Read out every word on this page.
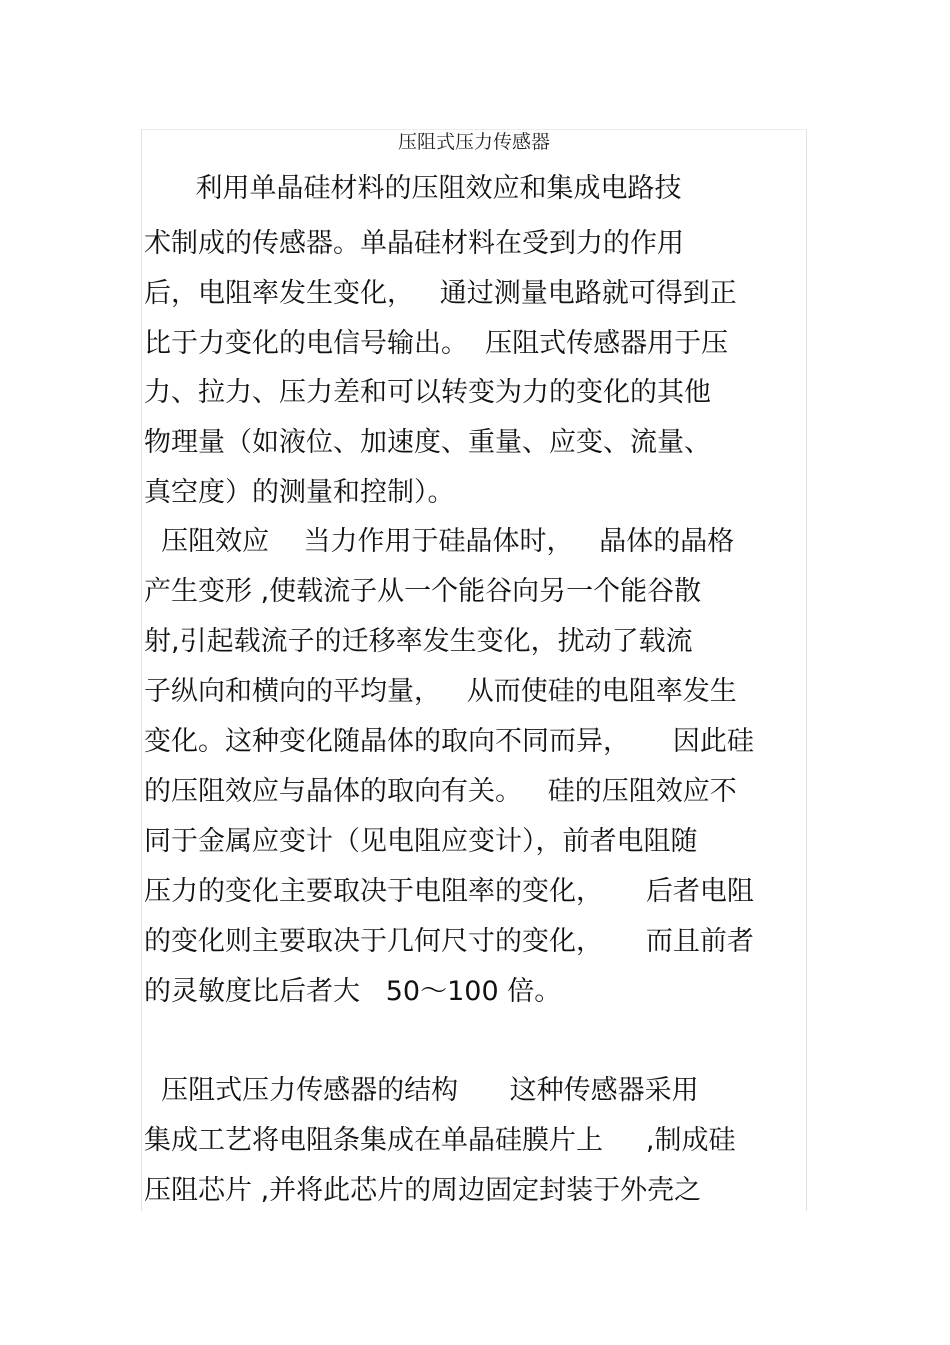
压阻式压力传感器
利用单晶硅材料的压阻效应和集成电路技
术制成的传感器。单晶硅材料在受到力的作用
后，电阻率发生变化，   通过测量电路就可得到正
比于力变化的电信号输出。  压阻式传感器用于压
力、拉力、压力差和可以转变为力的变化的其他
物理量（如液位、加速度、重量、应变、流量、
真空度）的测量和控制）。
压阻效应    当力作用于硅晶体时，   晶体的晶格
产生变形 ,使载流子从一个能谷向另一个能谷散
射,引起载流子的迁移率发生变化，扰动了载流
子纵向和横向的平均量，   从而使硅的电阻率发生
变化。这种变化随晶体的取向不同而异，     因此硅
的压阻效应与晶体的取向有关。   硅的压阻效应不
同于金属应变计（见电阻应变计），前者电阻随
压力的变化主要取决于电阻率的变化，     后者电阻
的变化则主要取决于几何尺寸的变化，     而且前者
的灵敏度比后者大   50～100 倍。
压阻式压力传感器的结构      这种传感器采用
集成工艺将电阻条集成在单晶硅膜片上     ,制成硅
压阻芯片 ,并将此芯片的周边固定封装于外壳之
